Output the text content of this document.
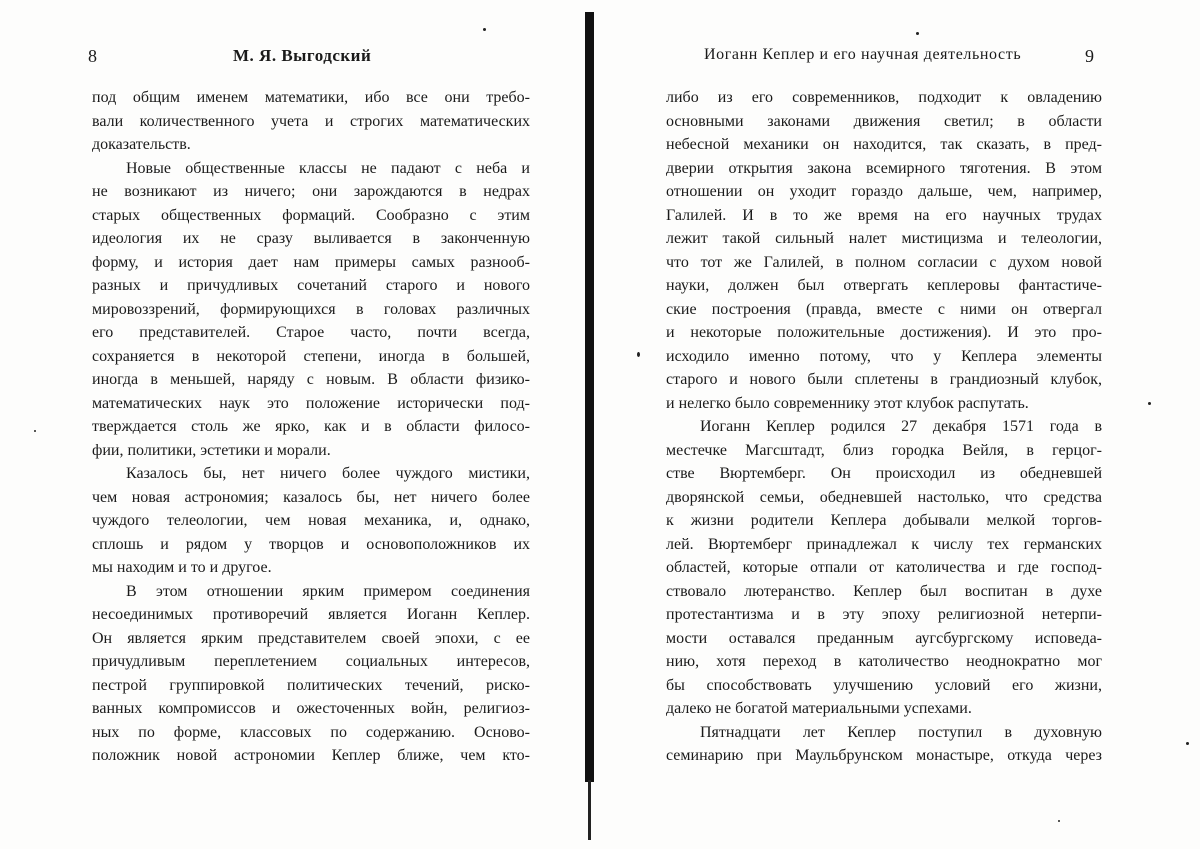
8	М. Я. Выгодский
под общим именем математики, ибо все они требо-
вали количественного учета и строгих математических
доказательств.
Новые общественные классы не падают с неба и
не возникают из ничего; они зарождаются в недрах
старых общественных формаций. Сообразно с этим
идеология их не сразу выливается в законченную
форму, и история дает нам примеры самых разнооб-
разных и причудливых сочетаний старого и нового
мировоззрений, формирующихся в головах различных
его представителей. Старое часто, почти всегда,
сохраняется в некоторой степени, иногда в большей,
иногда в меньшей, наряду с новым. В области физико-
математических наук это положение исторически под-
тверждается столь же ярко, как и в области филосо-
фии, политики, эстетики и морали.
Казалось бы, нет ничего более чуждого мистики,
чем новая астрономия; казалось бы, нет ничего более
чуждого телеологии, чем новая механика, и, однако,
сплошь и рядом у творцов и основоположников их
мы находим и то и другое.
В этом отношении ярким примером соединения
несоединимых противоречий является Иоганн Кеплер.
Он является ярким представителем своей эпохи, с ее
причудливым переплетением социальных интересов,
пестрой группировкой политических течений, риско-
ванных компромиссов и ожесточенных войн, религиоз-
ных по форме, классовых по содержанию. Осново-
положник новой астрономии Кеплер ближе, чем кто-
Иоганн Кеплер и его научная деятельность	9
либо из его современников, подходит к овладению
основными законами движения светил; в области
небесной механики он находится, так сказать, в пред-
дверии открытия закона всемирного тяготения. В этом
отношении он уходит гораздо дальше, чем, например,
Галилей. И в то же время на его научных трудах
лежит такой сильный налет мистицизма и телеологии,
что тот же Галилей, в полном согласии с духом новой
науки, должен был отвергать кеплеровы фантастиче-
ские построения (правда, вместе с ними он отвергал
и некоторые положительные достижения). И это про-
исходило именно потому, что у Кеплера элементы
старого и нового были сплетены в грандиозный клубок,
и нелегко было современнику этот клубок распутать.
Иоганн Кеплер родился 27 декабря 1571 года в
местечке Магсштадт, близ городка Вейля, в герцог-
стве Вюртемберг. Он происходил из обедневшей
дворянской семьи, обедневшей настолько, что средства
к жизни родители Кеплера добывали мелкой торгов-
лей. Вюртемберг принадлежал к числу тех германских
областей, которые отпали от католичества и где господ-
ствовало лютеранство. Кеплер был воспитан в духе
протестантизма и в эту эпоху религиозной нетерпи-
мости оставался преданным аугсбургскому исповеда-
нию, хотя переход в католичество неоднократно мог
бы способствовать улучшению условий его жизни,
далеко не богатой материальными успехами.
Пятнадцати лет Кеплер поступил в духовную
семинарию при Маульбрунском монастыре, откуда через
